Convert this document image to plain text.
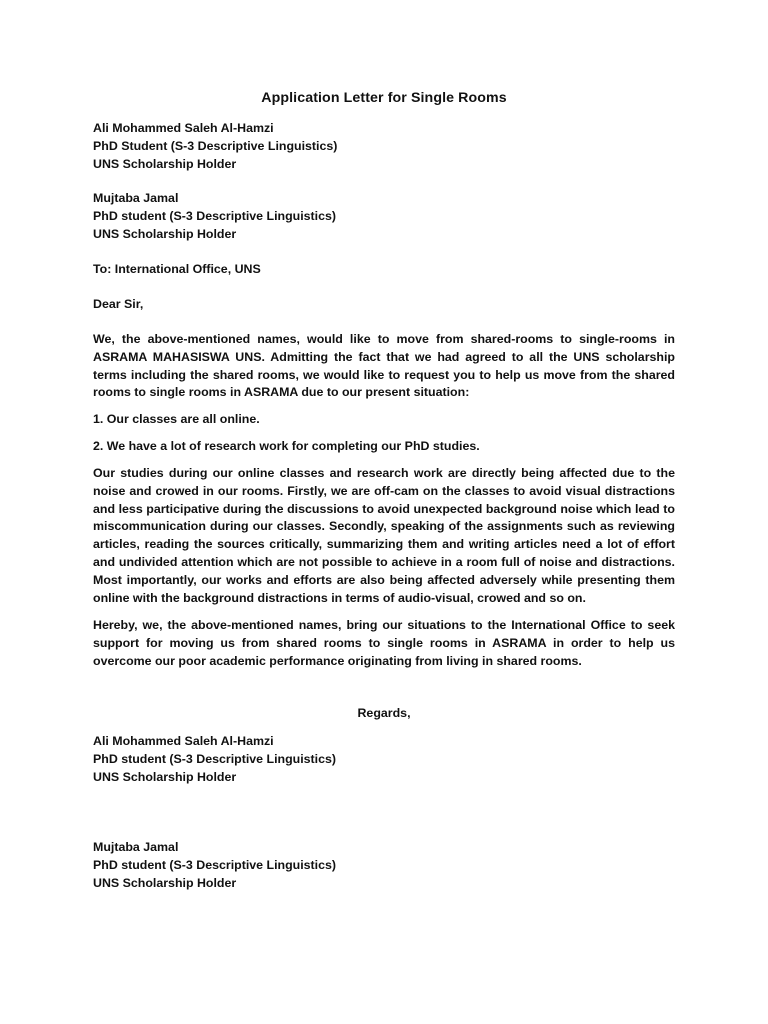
Application Letter for Single Rooms
Ali Mohammed Saleh Al-Hamzi
PhD Student (S-3 Descriptive Linguistics)
UNS Scholarship Holder
Mujtaba Jamal
PhD student (S-3 Descriptive Linguistics)
UNS Scholarship Holder
To: International Office, UNS
Dear Sir,
We, the above-mentioned names, would like to move from shared-rooms to single-rooms in ASRAMA MAHASISWA UNS. Admitting the fact that we had agreed to all the UNS scholarship terms including the shared rooms, we would like to request you to help us move from the shared rooms to single rooms in ASRAMA due to our present situation:
1. Our classes are all online.
2. We have a lot of research work for completing our PhD studies.
Our studies during our online classes and research work are directly being affected due to the noise and crowed in our rooms. Firstly, we are off-cam on the classes to avoid visual distractions and less participative during the discussions to avoid unexpected background noise which lead to miscommunication during our classes. Secondly, speaking of the assignments such as reviewing articles, reading the sources critically, summarizing them and writing articles need a lot of effort and undivided attention which are not possible to achieve in a room full of noise and distractions. Most importantly, our works and efforts are also being affected adversely while presenting them online with the background distractions in terms of audio-visual, crowed and so on.
Hereby, we, the above-mentioned names, bring our situations to the International Office to seek support for moving us from shared rooms to single rooms in ASRAMA in order to help us overcome our poor academic performance originating from living in shared rooms.
Regards,
Ali Mohammed Saleh Al-Hamzi
PhD student (S-3 Descriptive Linguistics)
UNS Scholarship Holder
Mujtaba Jamal
PhD student (S-3 Descriptive Linguistics)
UNS Scholarship Holder
